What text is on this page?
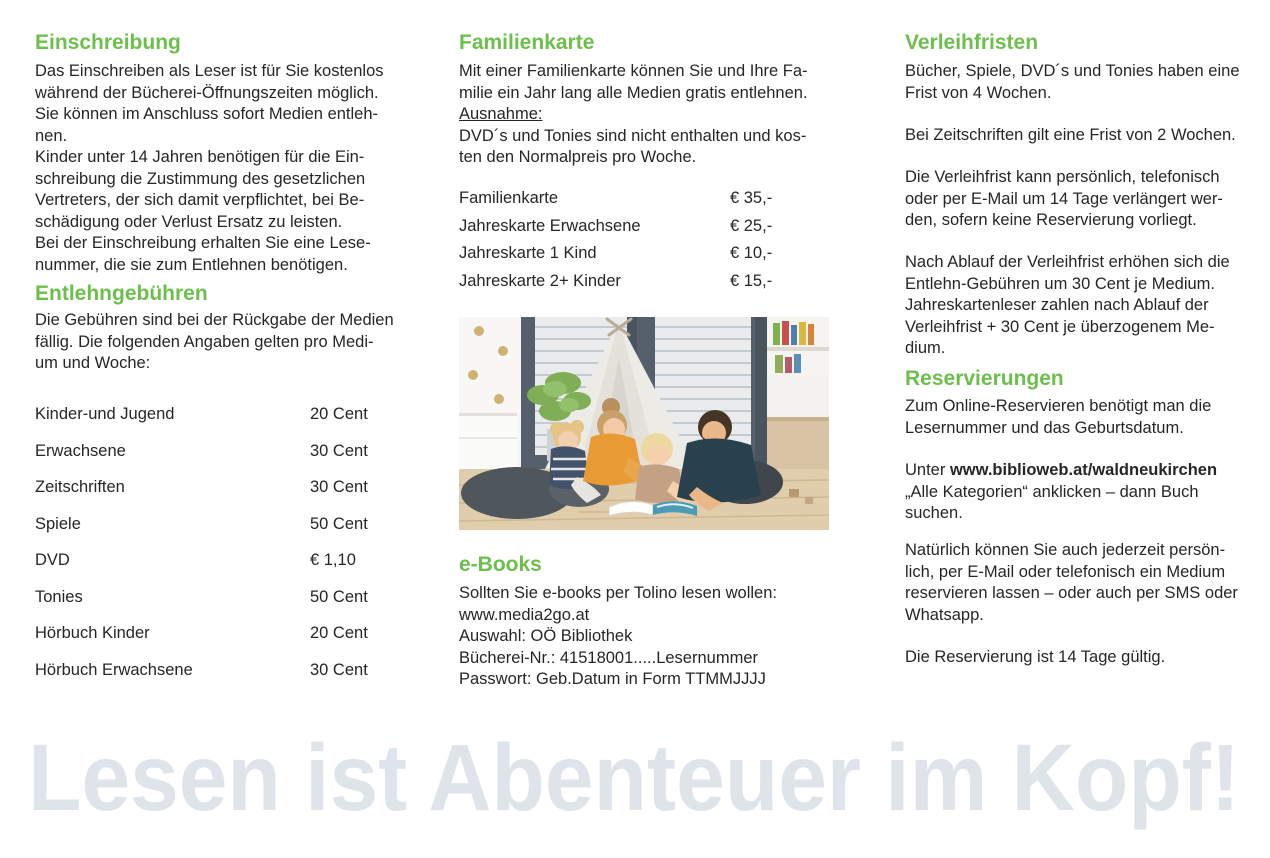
Einschreibung

Das Einschreiben als Leser ist für Sie kostenlos
während der Bücherei-Öffnungszeiten möglich.
Sie können im Anschluss sofort Medien entleh-
nen.
Kinder unter 14 Jahren benötigen für die Ein-
schreibung die Zustimmung des gesetzlichen
Vertreters, der sich damit verpflichtet, bei Be-
schädigung oder Verlust Ersatz zu leisten.
Bei der Einschreibung erhalten Sie eine Lese-
nummer, die sie zum Entlehnen benötigen.

Entlehngebühren

Die Gebühren sind bei der Rückgabe der Medien
fällig. Die folgenden Angaben gelten pro Medi-
um und Woche:

Kinder-und Jugend	20 Cent
Erwachsene	30 Cent
Zeitschriften	30 Cent
Spiele	50 Cent
DVD	€ 1,10
Tonies	50 Cent
Hörbuch Kinder	20 Cent
Hörbuch Erwachsene	30 Cent
Familienkarte

Mit einer Familienkarte können Sie und Ihre Fa-
milie ein Jahr lang alle Medien gratis entlehnen.
Ausnahme:
DVD´s und Tonies sind nicht enthalten und kos-
ten den Normalpreis pro Woche.

Familienkarte	€ 35,-
Jahreskarte Erwachsene	€ 25,-
Jahreskarte 1 Kind	€ 10,-
Jahreskarte 2+ Kinder	€ 15,-
e-Books

Sollten Sie e-books per Tolino lesen wollen:
www.media2go.at
Auswahl: OÖ Bibliothek
Bücherei-Nr.: 41518001.....Lesernummer
Passwort: Geb.Datum in Form TTMMJJJJ

Verleihfristen

Bücher, Spiele, DVD´s und Tonies haben eine
Frist von 4 Wochen.

Bei Zeitschriften gilt eine Frist von 2 Wochen.

Die Verleihfrist kann persönlich, telefonisch
oder per E-Mail um 14 Tage verlängert wer-
den, sofern keine Reservierung vorliegt.

Nach Ablauf der Verleihfrist erhöhen sich die
Entlehn-Gebühren um 30 Cent je Medium.
Jahreskartenleser zahlen nach Ablauf der
Verleihfrist + 30 Cent je überzogenem Me-
dium.

Reservierungen

Zum Online-Reservieren benötigt man die
Lesernummer und das Geburtsdatum.

Unter www.biblioweb.at/waldneukirchen
„Alle Kategorien“ anklicken – dann Buch
suchen.

Natürlich können Sie auch jederzeit persön-
lich, per E-Mail oder telefonisch ein Medium
reservieren lassen – oder auch per SMS oder
Whatsapp.

Die Reservierung ist 14 Tage gültig.

Lesen ist Abenteuer im Kopf!
